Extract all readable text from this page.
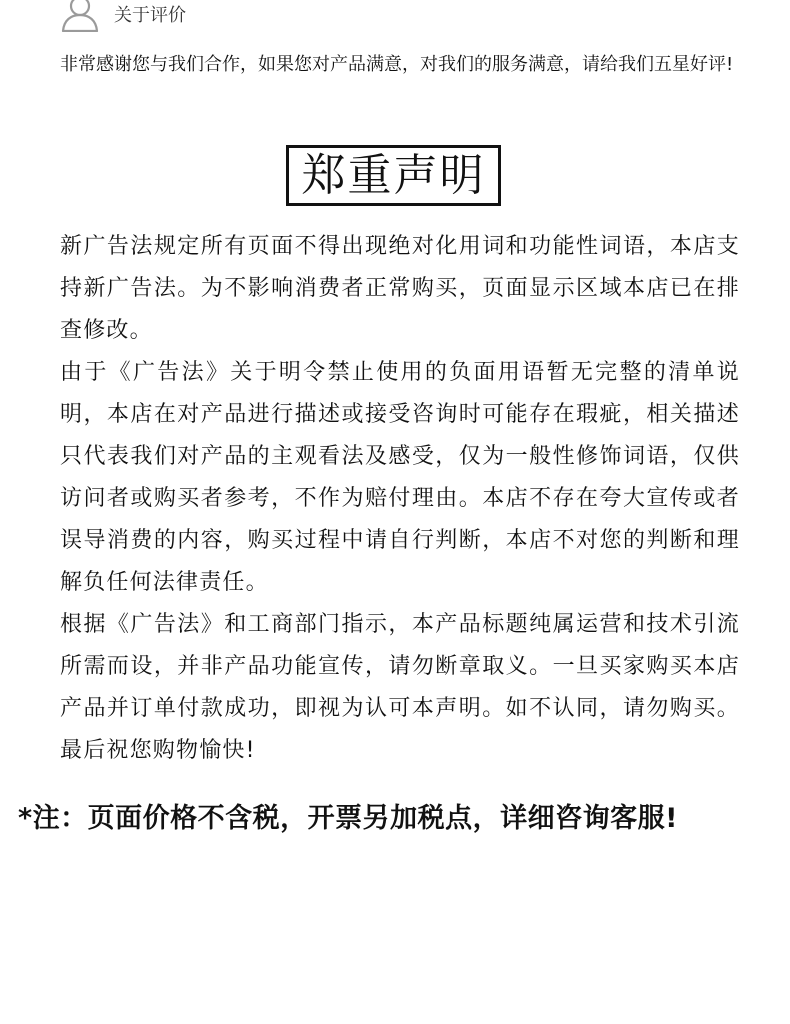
关于评价

非常感谢您与我们合作，如果您对产品满意，对我们的服务满意，请给我们五星好评!

郑重声明

新广告法规定所有页面不得出现绝对化用词和功能性词语，本店支持新广告法。为不影响消费者正常购买，页面显示区域本店已在排查修改。

由于《广告法》关于明令禁止使用的负面用语暂无完整的清单说明，本店在对产品进行描述或接受咨询时可能存在瑕疵，相关描述只代表我们对产品的主观看法及感受，仅为一般性修饰词语，仅供访问者或购买者参考，不作为赔付理由。本店不存在夸大宣传或者误导消费的内容，购买过程中请自行判断，本店不对您的判断和理解负任何法律责任。

根据《广告法》和工商部门指示，本产品标题纯属运营和技术引流所需而设，并非产品功能宣传，请勿断章取义。一旦买家购买本店产品并订单付款成功，即视为认可本声明。如不认同，请勿购买。最后祝您购物愉快!

*注：页面价格不含税，开票另加税点，详细咨询客服!
